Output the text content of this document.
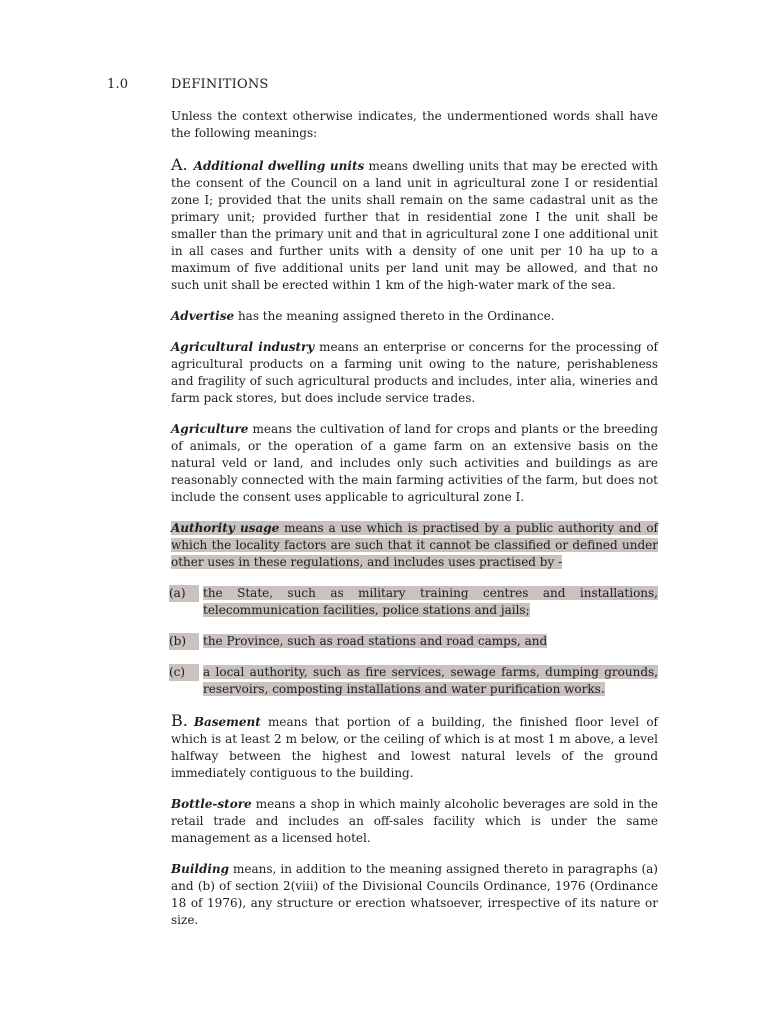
1.0	DEFINITIONS

Unless the context otherwise indicates, the undermentioned words shall have the following meanings:

A. Additional dwelling units means dwelling units that may be erected with the consent of the Council on a land unit in agricultural zone I or residential zone I; provided that the units shall remain on the same cadastral unit as the primary unit; provided further that in residential zone I the unit shall be smaller than the primary unit and that in agricultural zone I one additional unit in all cases and further units with a density of one unit per 10 ha up to a maximum of five additional units per land unit may be allowed, and that no such unit shall be erected within 1 km of the high-water mark of the sea.

Advertise has the meaning assigned thereto in the Ordinance.

Agricultural industry means an enterprise or concerns for the processing of agricultural products on a farming unit owing to the nature, perishableness and fragility of such agricultural products and includes, inter alia, wineries and farm pack stores, but does include service trades.

Agriculture means the cultivation of land for crops and plants or the breeding of animals, or the operation of a game farm on an extensive basis on the natural veld or land, and includes only such activities and buildings as are reasonably connected with the main farming activities of the farm, but does not include the consent uses applicable to agricultural zone I.

Authority usage means a use which is practised by a public authority and of which the locality factors are such that it cannot be classified or defined under other uses in these regulations, and includes uses practised by -

(a)	the State, such as military training centres and installations, telecommunication facilities, police stations and jails;
(b)	the Province, such as road stations and road camps, and
(c)	a local authority, such as fire services, sewage farms, dumping grounds, reservoirs, composting installations and water purification works.

B. Basement means that portion of a building, the finished floor level of which is at least 2 m below, or the ceiling of which is at most 1 m above, a level halfway between the highest and lowest natural levels of the ground immediately contiguous to the building.

Bottle-store means a shop in which mainly alcoholic beverages are sold in the retail trade and includes an off-sales facility which is under the same management as a licensed hotel.

Building means, in addition to the meaning assigned thereto in paragraphs (a) and (b) of section 2(viii) of the Divisional Councils Ordinance, 1976 (Ordinance 18 of 1976), any structure or erection whatsoever, irrespective of its nature or size.
